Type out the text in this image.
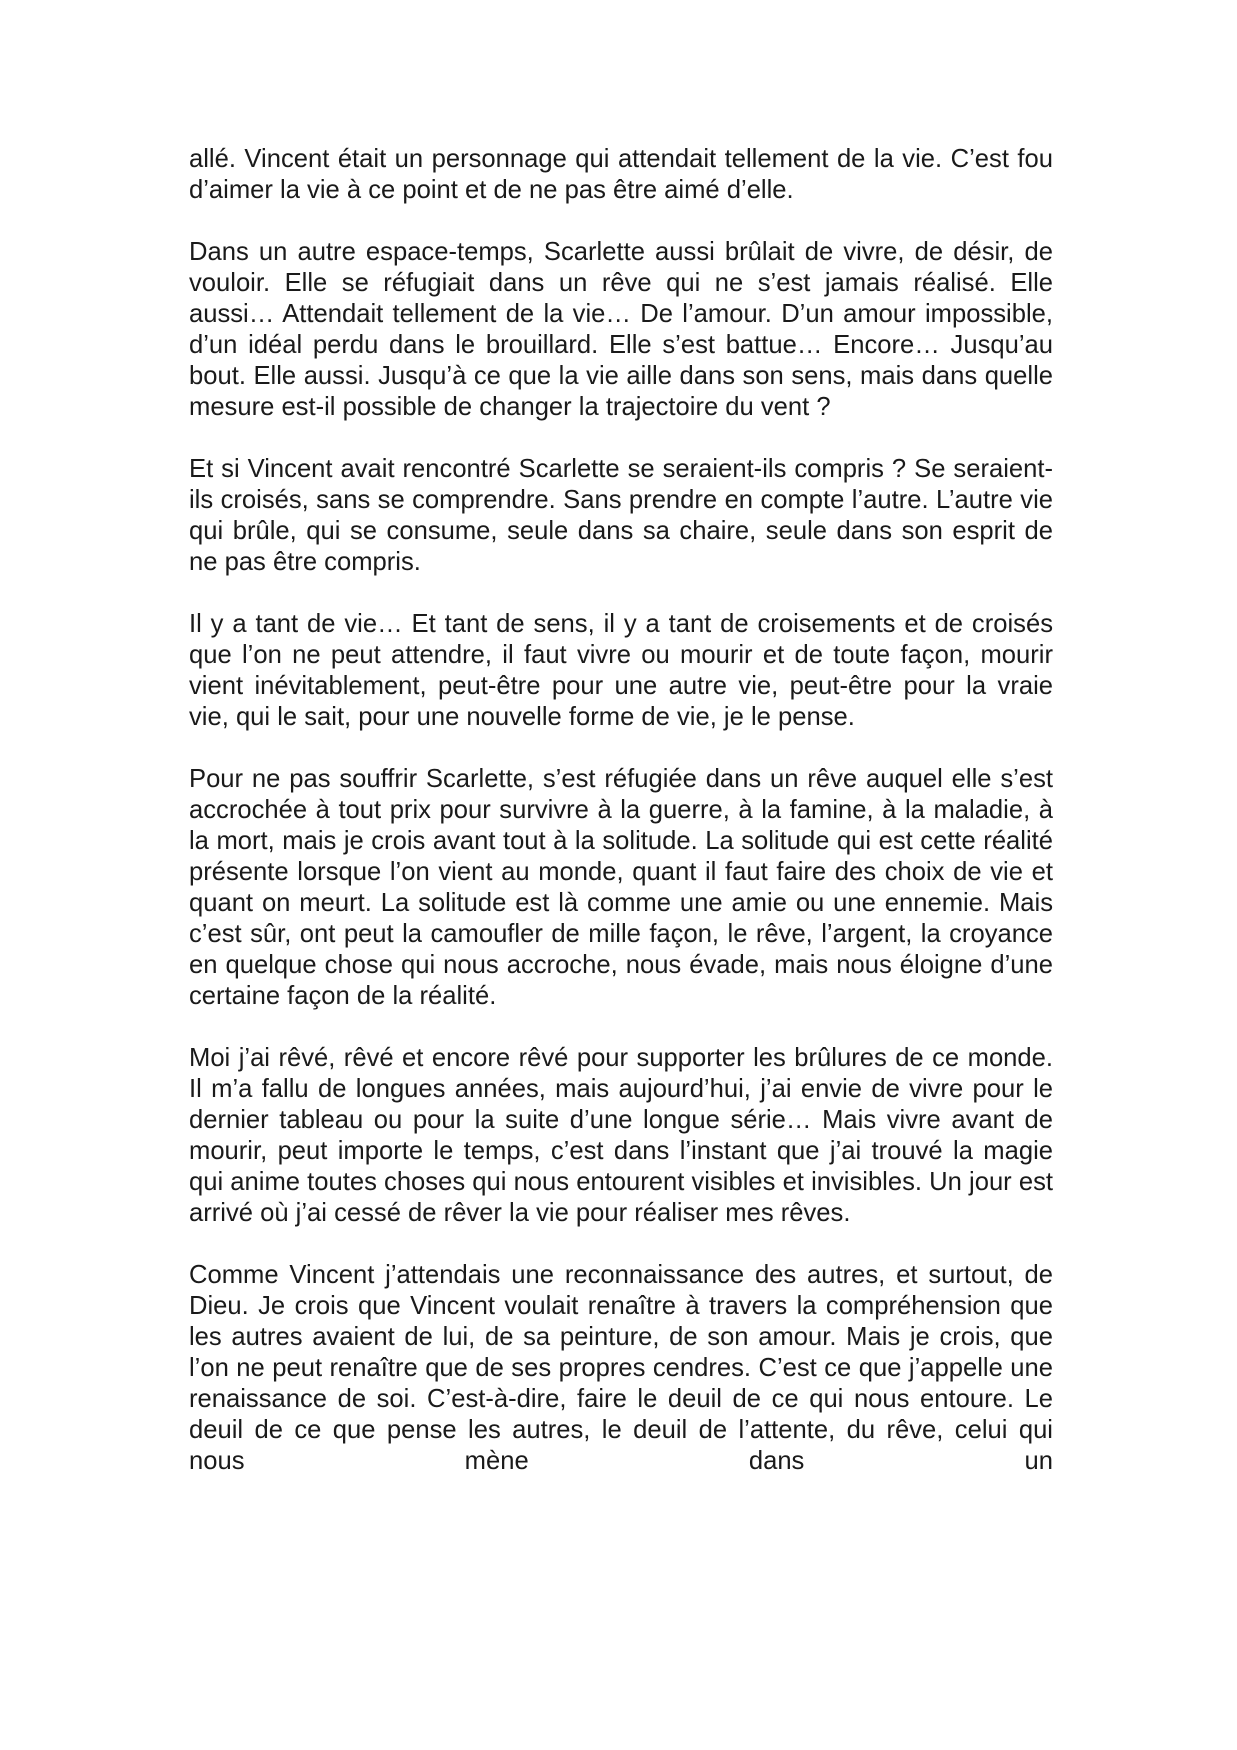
allé. Vincent était un personnage qui attendait tellement de la vie. C’est fou d’aimer la vie à ce point et de ne pas être aimé d’elle.

Dans un autre espace-temps, Scarlette aussi brûlait de vivre, de désir, de vouloir. Elle se réfugiait dans un rêve qui ne s’est jamais réalisé. Elle aussi… Attendait tellement de la vie… De l’amour. D’un amour impossible, d’un idéal perdu dans le brouillard. Elle s’est battue… Encore… Jusqu’au bout. Elle aussi. Jusqu’à ce que la vie aille dans son sens, mais dans quelle mesure est-il possible de changer la trajectoire du vent ?

Et si Vincent avait rencontré Scarlette se seraient-ils compris ? Se seraient-ils croisés, sans se comprendre. Sans prendre en compte l’autre. L’autre vie qui brûle, qui se consume, seule dans sa chaire, seule dans son esprit de ne pas être compris.

Il y a tant de vie… Et tant de sens, il y a tant de croisements et de croisés que l’on ne peut attendre, il faut vivre ou mourir et de toute façon, mourir vient inévitablement, peut-être pour une autre vie, peut-être pour la vraie vie, qui le sait, pour une nouvelle forme de vie, je le pense.

Pour ne pas souffrir Scarlette, s’est réfugiée dans un rêve auquel elle s’est accrochée à tout prix pour survivre à la guerre, à la famine, à la maladie, à la mort, mais je crois avant tout à la solitude. La solitude qui est cette réalité présente lorsque l’on vient au monde, quant il faut faire des choix de vie et quant on meurt. La solitude est là comme une amie ou une ennemie. Mais c’est sûr, ont peut la camoufler de mille façon, le rêve, l’argent, la croyance en quelque chose qui nous accroche, nous évade, mais nous éloigne d’une certaine façon de la réalité.

Moi j’ai rêvé, rêvé et encore rêvé pour supporter les brûlures de ce monde. Il m’a fallu de longues années, mais aujourd’hui, j’ai envie de vivre pour le dernier tableau ou pour la suite d’une longue série… Mais vivre avant de mourir, peut importe le temps, c’est dans l’instant que j’ai trouvé la magie qui anime toutes choses qui nous entourent visibles et invisibles. Un jour est arrivé où j’ai cessé de rêver la vie pour réaliser mes rêves.

Comme Vincent j’attendais une reconnaissance des autres, et surtout, de Dieu. Je crois que Vincent voulait renaître à travers la compréhension que les autres avaient de lui, de sa peinture, de son amour. Mais je crois, que l’on ne peut renaître que de ses propres cendres. C’est ce que j’appelle une renaissance de soi. C’est-à-dire, faire le deuil de ce qui nous entoure. Le deuil de ce que pense les autres, le deuil de l’attente, du rêve, celui qui nous mène dans un
